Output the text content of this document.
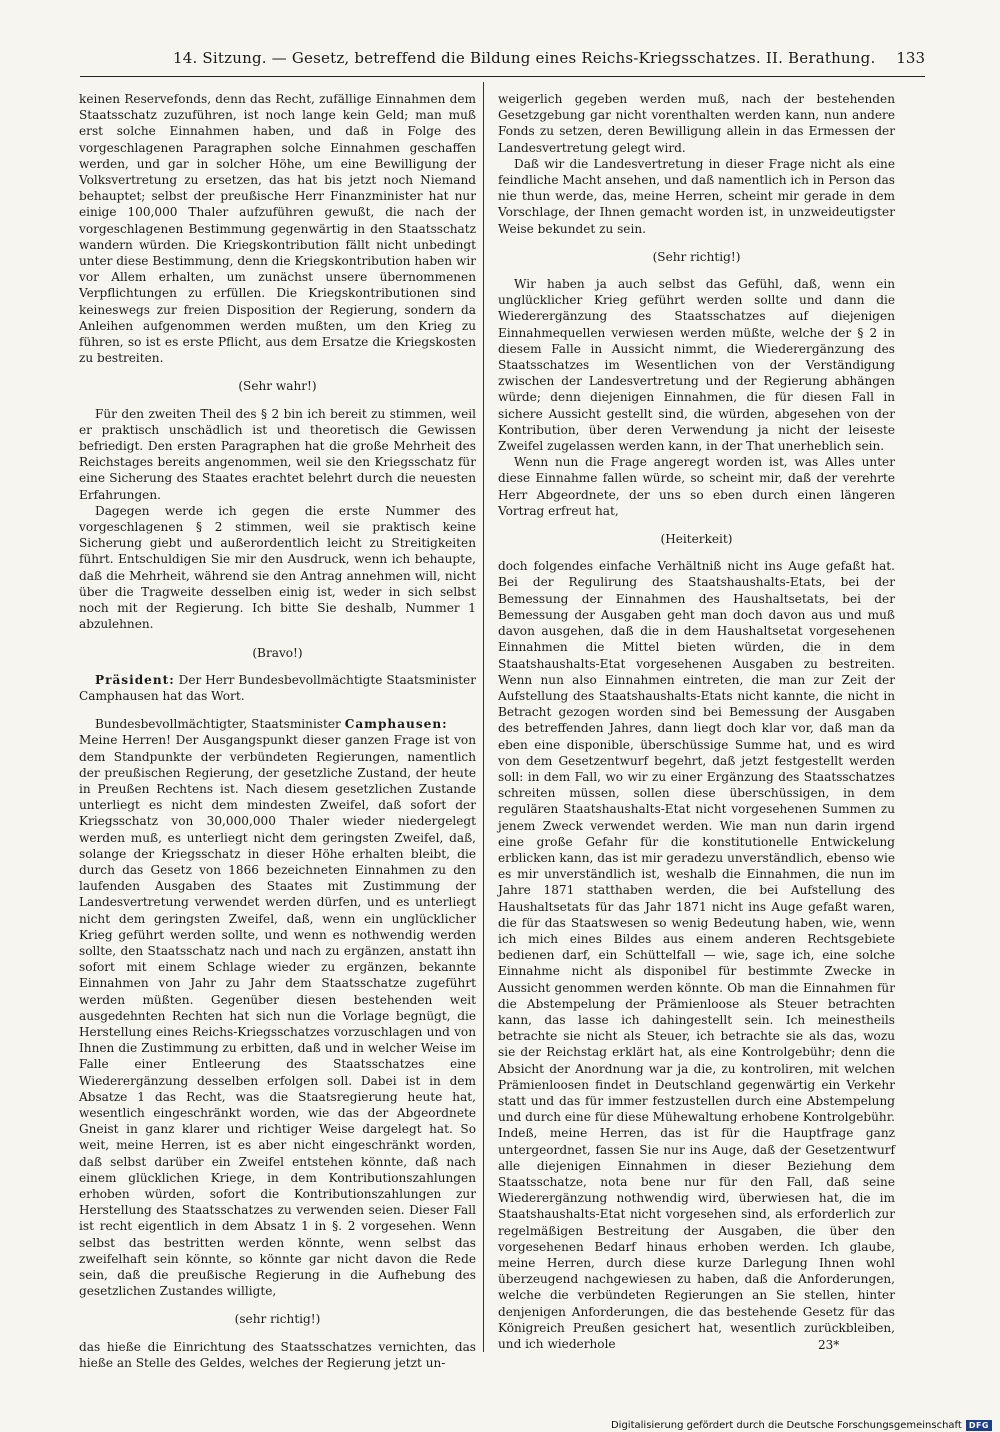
14. Sitzung. — Gesetz, betreffend die Bildung eines Reichs-Kriegsschatzes. II. Berathung. 133

keinen Reservefonds, denn das Recht, zufällige Einnahmen dem Staatsschatz zuzuführen, ist noch lange kein Geld; man muß erst solche Einnahmen haben, und daß in Folge des vorgeschlagenen Paragraphen solche Einnahmen geschaffen werden, und gar in solcher Höhe, um eine Bewilligung der Volksvertretung zu ersetzen, das hat bis jetzt noch Niemand behauptet; selbst der preußische Herr Finanzminister hat nur einige 100,000 Thaler aufzuführen gewußt, die nach der vorgeschlagenen Bestimmung gegenwärtig in den Staatsschatz wandern würden. Die Kriegskontribution fällt nicht unbedingt unter diese Bestimmung, denn die Kriegskontribution haben wir vor Allem erhalten, um zunächst unsere übernommenen Verpflichtungen zu erfüllen. Die Kriegskontributionen sind keineswegs zur freien Disposition der Regierung, sondern da Anleihen aufgenommen werden mußten, um den Krieg zu führen, so ist es erste Pflicht, aus dem Ersatze die Kriegskosten zu bestreiten.

(Sehr wahr!)

Für den zweiten Theil des § 2 bin ich bereit zu stimmen, weil er praktisch unschädlich ist und theoretisch die Gewissen befriedigt. Den ersten Paragraphen hat die große Mehrheit des Reichstages bereits angenommen, weil sie den Kriegsschatz für eine Sicherung des Staates erachtet belehrt durch die neuesten Erfahrungen.

Dagegen werde ich gegen die erste Nummer des vorgeschlagenen § 2 stimmen, weil sie praktisch keine Sicherung giebt und außerordentlich leicht zu Streitigkeiten führt. Entschuldigen Sie mir den Ausdruck, wenn ich behaupte, daß die Mehrheit, während sie den Antrag annehmen will, nicht über die Tragweite desselben einig ist, weder in sich selbst noch mit der Regierung. Ich bitte Sie deshalb, Nummer 1 abzulehnen.

(Bravo!)

Präsident: Der Herr Bundesbevollmächtigte Staatsminister Camphausen hat das Wort.

Bundesbevollmächtigter, Staatsminister Camphausen:

Meine Herren! Der Ausgangspunkt dieser ganzen Frage ist von dem Standpunkte der verbündeten Regierungen, namentlich der preußischen Regierung, der gesetzliche Zustand, der heute in Preußen Rechtens ist. Nach diesem gesetzlichen Zustande unterliegt es nicht dem mindesten Zweifel, daß sofort der Kriegsschatz von 30,000,000 Thaler wieder niedergelegt werden muß, es unterliegt nicht dem geringsten Zweifel, daß, solange der Kriegsschatz in dieser Höhe erhalten bleibt, die durch das Gesetz von 1866 bezeichneten Einnahmen zu den laufenden Ausgaben des Staates mit Zustimmung der Landesvertretung verwendet werden dürfen, und es unterliegt nicht dem geringsten Zweifel, daß, wenn ein unglücklicher Krieg geführt werden sollte, und wenn es nothwendig werden sollte, den Staatsschatz nach und nach zu ergänzen, anstatt ihn sofort mit einem Schlage wieder zu ergänzen, bekannte Einnahmen von Jahr zu Jahr dem Staatsschatze zugeführt werden müßten. Gegenüber diesen bestehenden weit ausgedehnten Rechten hat sich nun die Vorlage begnügt, die Herstellung eines Reichs-Kriegsschatzes vorzuschlagen und von Ihnen die Zustimmung zu erbitten, daß und in welcher Weise im Falle einer Entleerung des Staatsschatzes eine Wiederergänzung desselben erfolgen soll. Dabei ist in dem Absatze 1 das Recht, was die Staatsregierung heute hat, wesentlich eingeschränkt worden, wie das der Abgeordnete Gneist in ganz klarer und richtiger Weise dargelegt hat. So weit, meine Herren, ist es aber nicht eingeschränkt worden, daß selbst darüber ein Zweifel entstehen könnte, daß nach einem glücklichen Kriege, in dem Kontributionszahlungen erhoben würden, sofort die Kontributionszahlungen zur Herstellung des Staatsschatzes zu verwenden seien. Dieser Fall ist recht eigentlich in dem Absatz 1 in §. 2 vorgesehen. Wenn selbst das bestritten werden könnte, wenn selbst das zweifelhaft sein könnte, so könnte gar nicht davon die Rede sein, daß die preußische Regierung in die Aufhebung des gesetzlichen Zustandes willigte,

(sehr richtig!)

das hieße die Einrichtung des Staatsschatzes vernichten, das hieße an Stelle des Geldes, welches der Regierung jetzt un-

weigerlich gegeben werden muß, nach der bestehenden Gesetzgebung gar nicht vorenthalten werden kann, nun andere Fonds zu setzen, deren Bewilligung allein in das Ermessen der Landesvertretung gelegt wird.

Daß wir die Landesvertretung in dieser Frage nicht als eine feindliche Macht ansehen, und daß namentlich ich in Person das nie thun werde, das, meine Herren, scheint mir gerade in dem Vorschlage, der Ihnen gemacht worden ist, in unzweideutigster Weise bekundet zu sein.

(Sehr richtig!)

Wir haben ja auch selbst das Gefühl, daß, wenn ein unglücklicher Krieg geführt werden sollte und dann die Wiederergänzung des Staatsschatzes auf diejenigen Einnahmequellen verwiesen werden müßte, welche der § 2 in diesem Falle in Aussicht nimmt, die Wiederergänzung des Staatsschatzes im Wesentlichen von der Verständigung zwischen der Landesvertretung und der Regierung abhängen würde; denn diejenigen Einnahmen, die für diesen Fall in sichere Aussicht gestellt sind, die würden, abgesehen von der Kontribution, über deren Verwendung ja nicht der leiseste Zweifel zugelassen werden kann, in der That unerheblich sein.

Wenn nun die Frage angeregt worden ist, was Alles unter diese Einnahme fallen würde, so scheint mir, daß der verehrte Herr Abgeordnete, der uns so eben durch einen längeren Vortrag erfreut hat,

(Heiterkeit)

doch folgendes einfache Verhältniß nicht ins Auge gefaßt hat. Bei der Regulirung des Staatshaushalts-Etats, bei der Bemessung der Einnahmen des Haushaltsetats, bei der Bemessung der Ausgaben geht man doch davon aus und muß davon ausgehen, daß die in dem Haushaltsetat vorgesehenen Einnahmen die Mittel bieten würden, die in dem Staatshaushalts-Etat vorgesehenen Ausgaben zu bestreiten. Wenn nun also Einnahmen eintreten, die man zur Zeit der Aufstellung des Staatshaushalts-Etats nicht kannte, die nicht in Betracht gezogen worden sind bei Bemessung der Ausgaben des betreffenden Jahres, dann liegt doch klar vor, daß man da eben eine disponible, überschüssige Summe hat, und es wird von dem Gesetzentwurf begehrt, daß jetzt festgestellt werden soll: in dem Fall, wo wir zu einer Ergänzung des Staatsschatzes schreiten müssen, sollen diese überschüssigen, in dem regulären Staatshaushalts-Etat nicht vorgesehenen Summen zu jenem Zweck verwendet werden. Wie man nun darin irgend eine große Gefahr für die konstitutionelle Entwickelung erblicken kann, das ist mir geradezu unverständlich, ebenso wie es mir unverständlich ist, weshalb die Einnahmen, die nun im Jahre 1871 statthaben werden, die bei Aufstellung des Haushaltsetats für das Jahr 1871 nicht ins Auge gefaßt waren, die für das Staatswesen so wenig Bedeutung haben, wie, wenn ich mich eines Bildes aus einem anderen Rechtsgebiete bedienen darf, ein Schüttelfall — wie, sage ich, eine solche Einnahme nicht als disponibel für bestimmte Zwecke in Aussicht genommen werden könnte. Ob man die Einnahmen für die Abstempelung der Prämienloose als Steuer betrachten kann, das lasse ich dahingestellt sein. Ich meinestheils betrachte sie nicht als Steuer, ich betrachte sie als das, wozu sie der Reichstag erklärt hat, als eine Kontrolgebühr; denn die Absicht der Anordnung war ja die, zu kontroliren, mit welchen Prämienloosen findet in Deutschland gegenwärtig ein Verkehr statt und das für immer festzustellen durch eine Abstempelung und durch eine für diese Mühewaltung erhobene Kontrolgebühr. Indeß, meine Herren, das ist für die Hauptfrage ganz untergeordnet, fassen Sie nur ins Auge, daß der Gesetzentwurf alle diejenigen Einnahmen in dieser Beziehung dem Staatsschatze, nota bene nur für den Fall, daß seine Wiederergänzung nothwendig wird, überwiesen hat, die im Staatshaushalts-Etat nicht vorgesehen sind, als erforderlich zur regelmäßigen Bestreitung der Ausgaben, die über den vorgesehenen Bedarf hinaus erhoben werden. Ich glaube, meine Herren, durch diese kurze Darlegung Ihnen wohl überzeugend nachgewiesen zu haben, daß die Anforderungen, welche die verbündeten Regierungen an Sie stellen, hinter denjenigen Anforderungen, die das bestehende Gesetz für das Königreich Preußen gesichert hat, wesentlich zurückbleiben, und ich wiederhole	23*
Digitalisierung gefördert durch die Deutsche Forschungsgemeinschaft DFG
